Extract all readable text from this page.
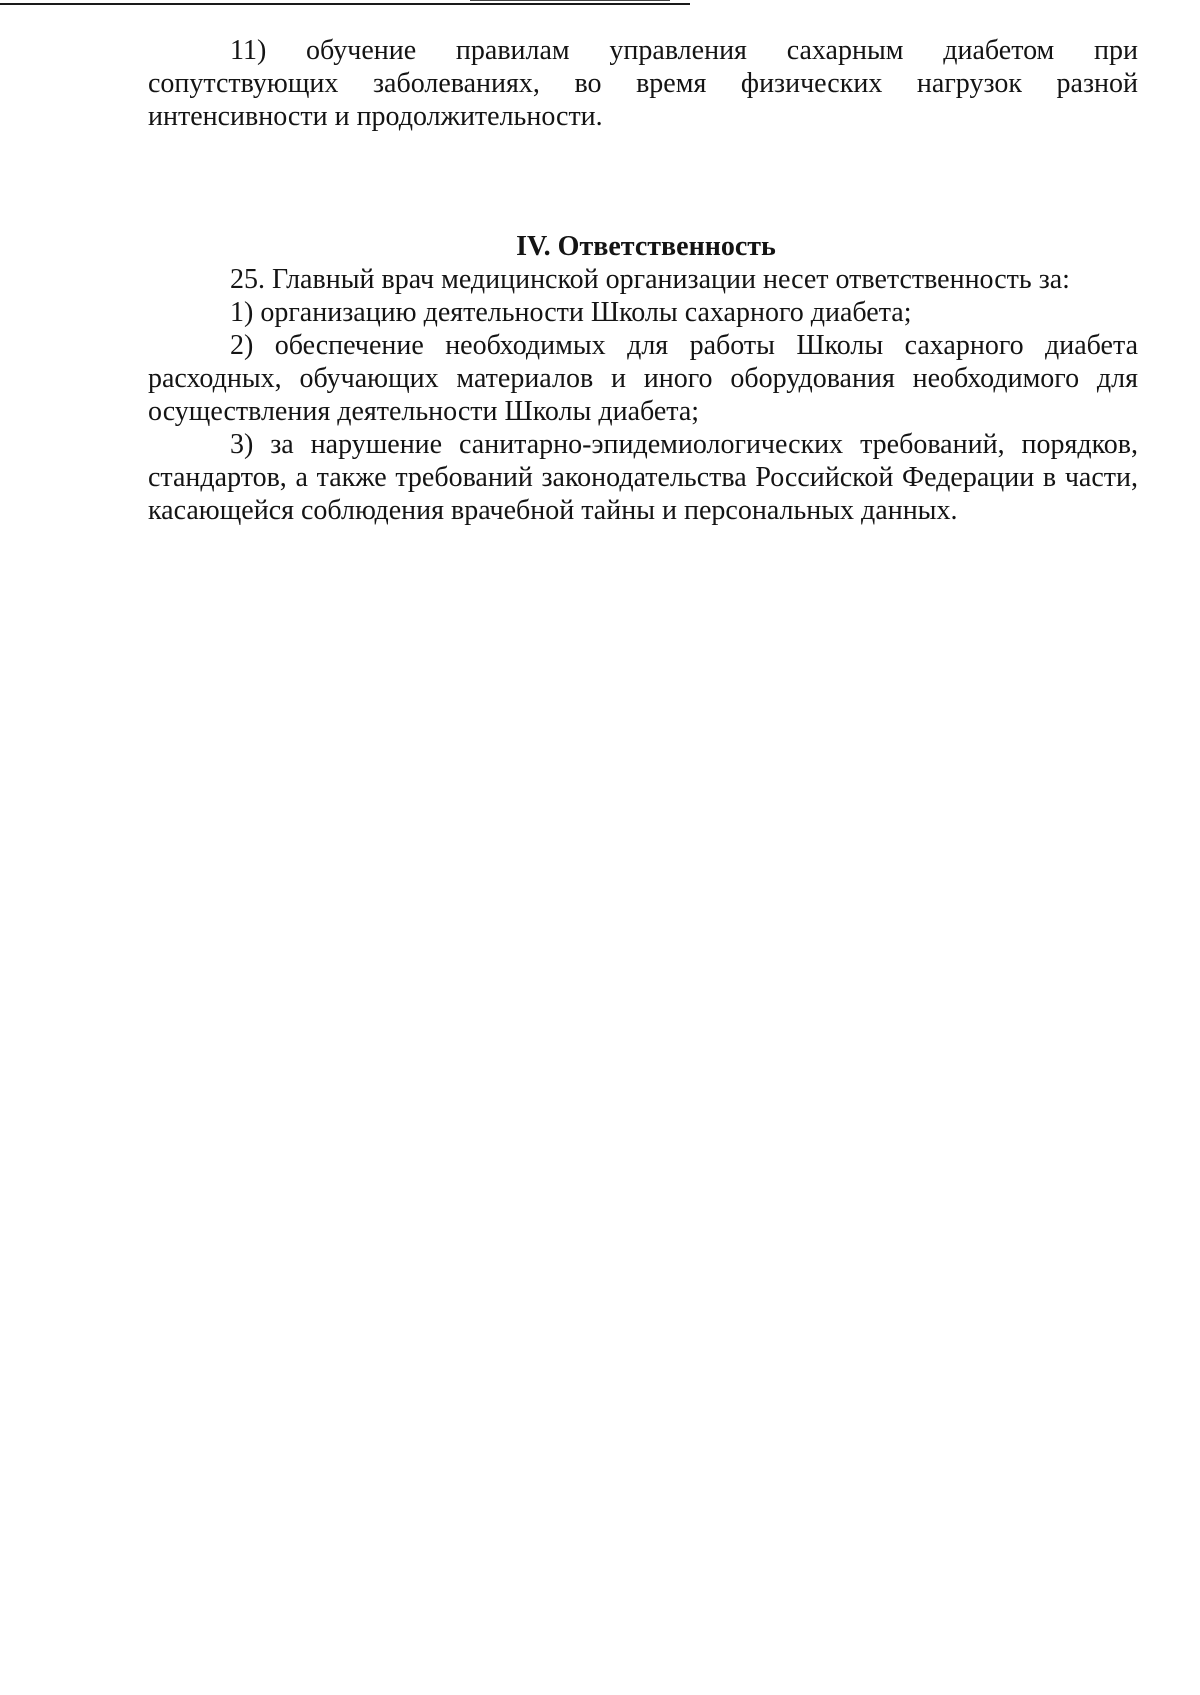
11) обучение правилам управления сахарным диабетом при сопутствующих заболеваниях, во время физических нагрузок разной интенсивности и продолжительности.

IV. Ответственность

25. Главный врач медицинской организации несет ответственность за:

1) организацию деятельности Школы сахарного диабета;

2) обеспечение необходимых для работы Школы сахарного диабета расходных, обучающих материалов и иного оборудования необходимого для осуществления деятельности Школы диабета;

3) за нарушение санитарно-эпидемиологических требований, порядков, стандартов, а также требований законодательства Российской Федерации в части, касающейся соблюдения врачебной тайны и персональных данных.
